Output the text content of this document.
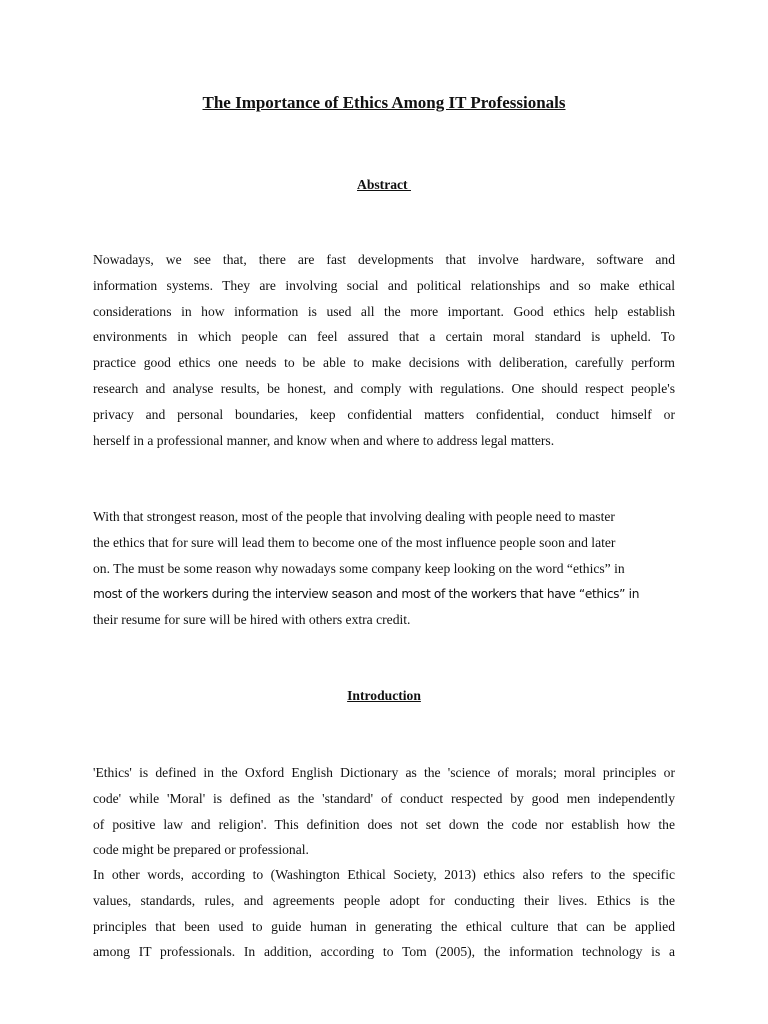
The Importance of Ethics Among IT Professionals
Abstract
Nowadays, we see that, there are fast developments that involve hardware, software and
information systems. They are involving social and political relationships and so make ethical
considerations in how information is used all the more important. Good ethics help establish
environments in which people can feel assured that a certain moral standard is upheld. To
practice good ethics one needs to be able to make decisions with deliberation, carefully perform
research and analyse results, be honest, and comply with regulations. One should respect people's
privacy and personal boundaries, keep confidential matters confidential, conduct himself or
herself in a professional manner, and know when and where to address legal matters.
With that strongest reason, most of the people that involving dealing with people need to master
the ethics that for sure will lead them to become one of the most influence people soon and later
on. The must be some reason why nowadays some company keep looking on the word “ethics” in
most of the workers during the interview season and most of the workers that have “ethics” in
their resume for sure will be hired with others extra credit.
Introduction
'Ethics' is defined in the Oxford English Dictionary as the 'science of morals; moral principles or
code' while 'Moral' is defined as the 'standard' of conduct respected by good men independently
of positive law and religion'. This definition does not set down the code nor establish how the
code might be prepared or professional.
In other words, according to (Washington Ethical Society, 2013) ethics also refers to the specific
values, standards, rules, and agreements people adopt for conducting their lives. Ethics is the
principles that been used to guide human in generating the ethical culture that can be applied
among IT professionals. In addition, according to Tom (2005), the information technology is a
